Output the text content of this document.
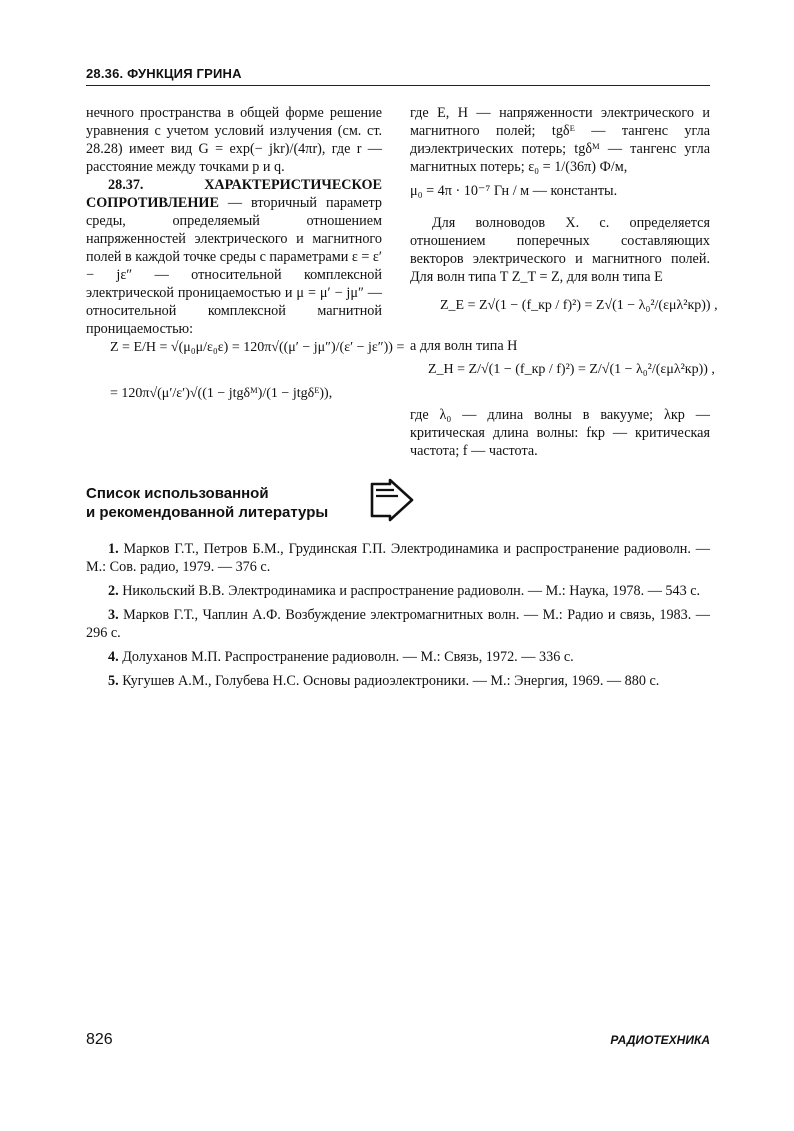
28.36. ФУНКЦИЯ ГРИНА

нечного пространства в общей форме решение уравнения с учетом условий излучения (см. ст. 28.28) имеет вид G = exp(− jkr)/(4πr), где r — расстояние между точками p и q.

28.37. ХАРАКТЕРИСТИЧЕСКОЕ СОПРОТИВЛЕНИЕ — вторичный параметр среды, определяемый отношением напряженностей электрического и магнитного полей в каждой точке среды с параметрами ε = ε′ − jε″ — относительной комплексной электрической проницаемостью и μ = μ′ − jμ″ — относительной комплексной магнитной проницаемостью:

Z = E/H = √(μ₀μ/ε₀ε) = 120π√((μ′ − jμ″)/(ε′ − jε″)) =
= 120π√(μ′/ε′)√((1 − jtgδᴹ)/(1 − jtgδᴱ)),

где E, H — напряженности электрического и магнитного полей; tgδᴱ — тангенс угла диэлектрических потерь; tgδᴹ — тангенс угла магнитных потерь; ε₀ = 1/(36π) Ф/м,

μ₀ = 4π · 10⁻⁷ Гн / м — константы.

Для волноводов Х. с. определяется отношением поперечных составляющих векторов электрического и магнитного полей. Для волн типа T Z_T = Z, для волн типа E

Z_E = Z√(1 − (f_кр / f)²) = Z√(1 − λ₀²/(εμλ²кр)) ,
а для волн типа H
Z_H = Z/√(1 − (f_кр / f)²) = Z/√(1 − λ₀²/(εμλ²кр)) ,
где λ₀ — длина волны в вакууме; λкр — критическая длина волны: fкр — критическая частота; f — частота.
Список использованной
и рекомендованной литературы

1. Марков Г.Т., Петров Б.М., Грудинская Г.П. Электродинамика и распространение радиоволн. — М.: Сов. радио, 1979. — 376 с.

2. Никольский В.В. Электродинамика и распространение радиоволн. — М.: Наука, 1978. — 543 с.

3. Марков Г.Т., Чаплин А.Ф. Возбуждение электромагнитных волн. — М.: Радио и связь, 1983. — 296 с.

4. Долуханов М.П. Распространение радиоволн. — М.: Связь, 1972. — 336 с.

5. Кугушев А.М., Голубева Н.С. Основы радиоэлектроники. — М.: Энергия, 1969. — 880 с.

826	РАДИОТЕХНИКА
